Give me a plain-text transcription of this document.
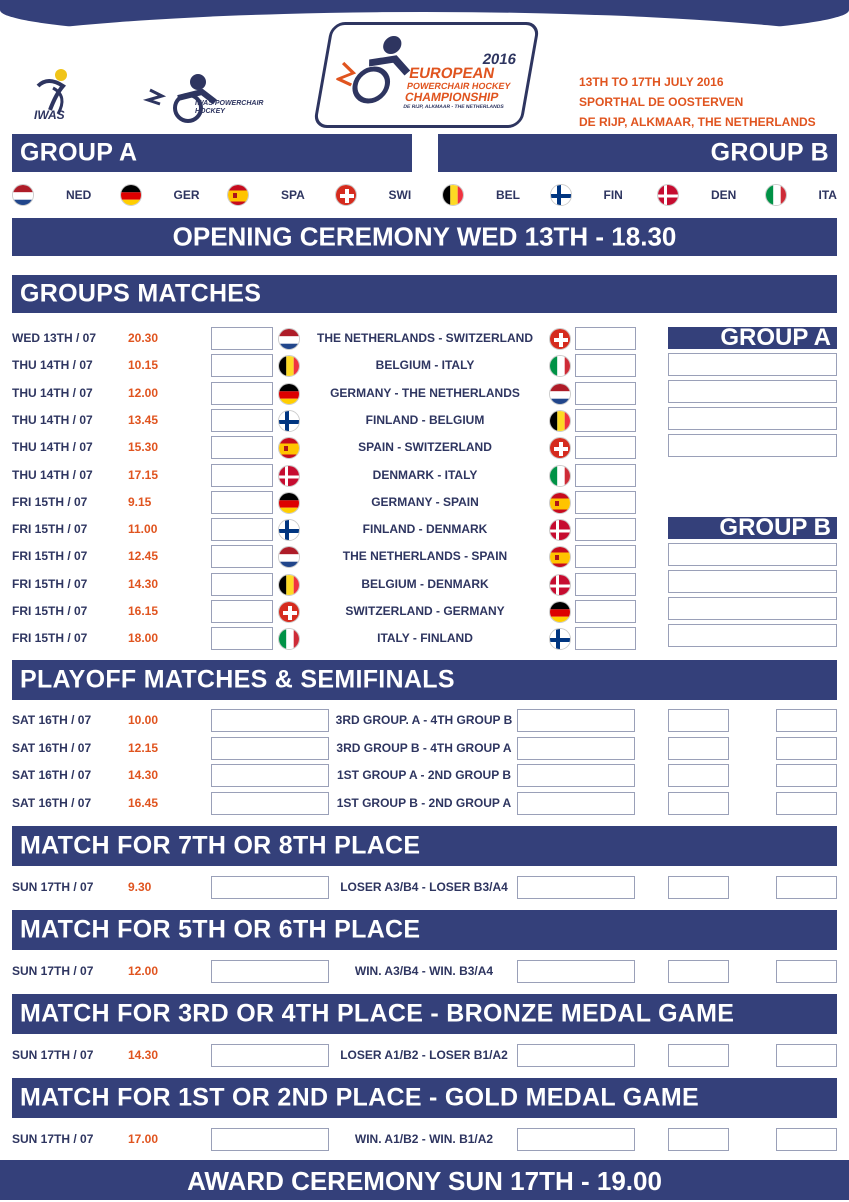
IWAS
IWAS POWERCHAIR HOCKEY
2016
EUROPEAN
POWERCHAIR HOCKEY
CHAMPIONSHIP
DE RIJP, ALKMAAR - THE NETHERLANDS
13TH TO 17TH JULY 2016
SPORTHAL DE OOSTERVEN
DE RIJP, ALKMAAR, THE NETHERLANDS
GROUP A	GROUP B
NED	GER	SPA	SWI	BEL	FIN	DEN	ITA
OPENING CEREMONY WED 13TH - 18.30
GROUPS MATCHES
GROUP A
GROUP B
WED 13TH / 07	20.30	THE NETHERLANDS - SWITZERLAND
THU 14TH / 07	10.15	BELGIUM - ITALY
THU 14TH / 07	12.00	GERMANY - THE NETHERLANDS
THU 14TH / 07	13.45	FINLAND - BELGIUM
THU 14TH / 07	15.30	SPAIN - SWITZERLAND
THU 14TH / 07	17.15	DENMARK - ITALY
FRI 15TH / 07	9.15	GERMANY - SPAIN
FRI 15TH / 07	11.00	FINLAND - DENMARK
FRI 15TH / 07	12.45	THE NETHERLANDS - SPAIN
FRI 15TH / 07	14.30	BELGIUM - DENMARK
FRI 15TH / 07	16.15	SWITZERLAND - GERMANY
FRI 15TH / 07	18.00	ITALY - FINLAND
PLAYOFF MATCHES & SEMIFINALS
SAT 16TH / 07	10.00	3RD GROUP. A - 4TH GROUP B
SAT 16TH / 07	12.15	3RD GROUP B - 4TH GROUP A
SAT 16TH / 07	14.30	1ST GROUP A - 2ND GROUP B
SAT 16TH / 07	16.45	1ST GROUP B - 2ND GROUP A
MATCH FOR 7TH OR 8TH PLACE
SUN 17TH / 07	9.30	LOSER A3/B4 - LOSER B3/A4
MATCH FOR 5TH OR 6TH PLACE
SUN 17TH / 07	12.00	WIN. A3/B4 - WIN. B3/A4
MATCH FOR 3RD OR 4TH PLACE - BRONZE MEDAL GAME
SUN 17TH / 07	14.30	LOSER A1/B2 - LOSER B1/A2
MATCH FOR 1ST OR 2ND PLACE - GOLD MEDAL GAME
SUN 17TH / 07	17.00	WIN. A1/B2 - WIN. B1/A2
AWARD CEREMONY SUN 17TH - 19.00
